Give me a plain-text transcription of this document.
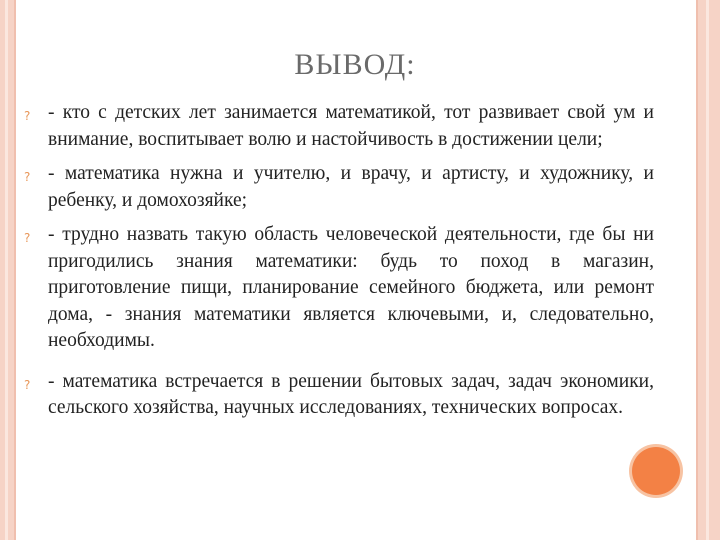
ВЫВОД:
? - кто с детских лет занимается математикой, тот развивает свой ум и внимание, воспитывает волю и настойчивость в достижении цели;
? - математика нужна и учителю, и врачу, и артисту, и художнику, и ребенку, и домохозяйке;
? - трудно назвать такую область человеческой деятельности, где бы ни пригодились знания математики: будь то поход в магазин, приготовление пищи, планирование семейного бюджета, или ремонт дома, - знания математики является ключевыми, и, следовательно, необходимы.
? - математика встречается в решении бытовых задач, задач экономики, сельского хозяйства, научных исследованиях, технических вопросах.
